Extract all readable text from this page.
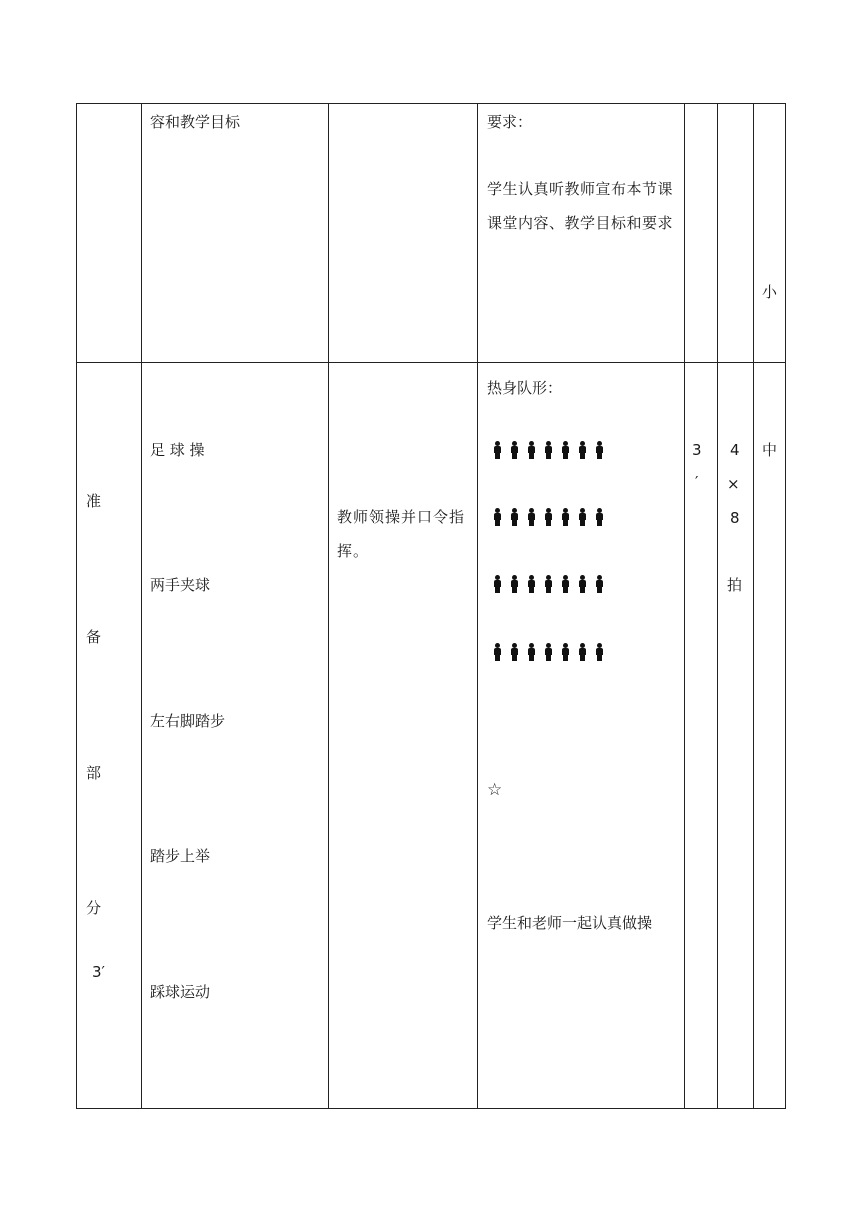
容和教学目标	要求：
学生认真听教师宣布本节课课堂内容、教学目标和要求
小
准
备
部
分
3′
足 球 操
两手夹球
左右脚踏步
踏步上举
踩球运动
教师领操并口令指挥。
热身队形：
☆
学生和老师一起认真做操
3
′
4
×
8
拍
中
